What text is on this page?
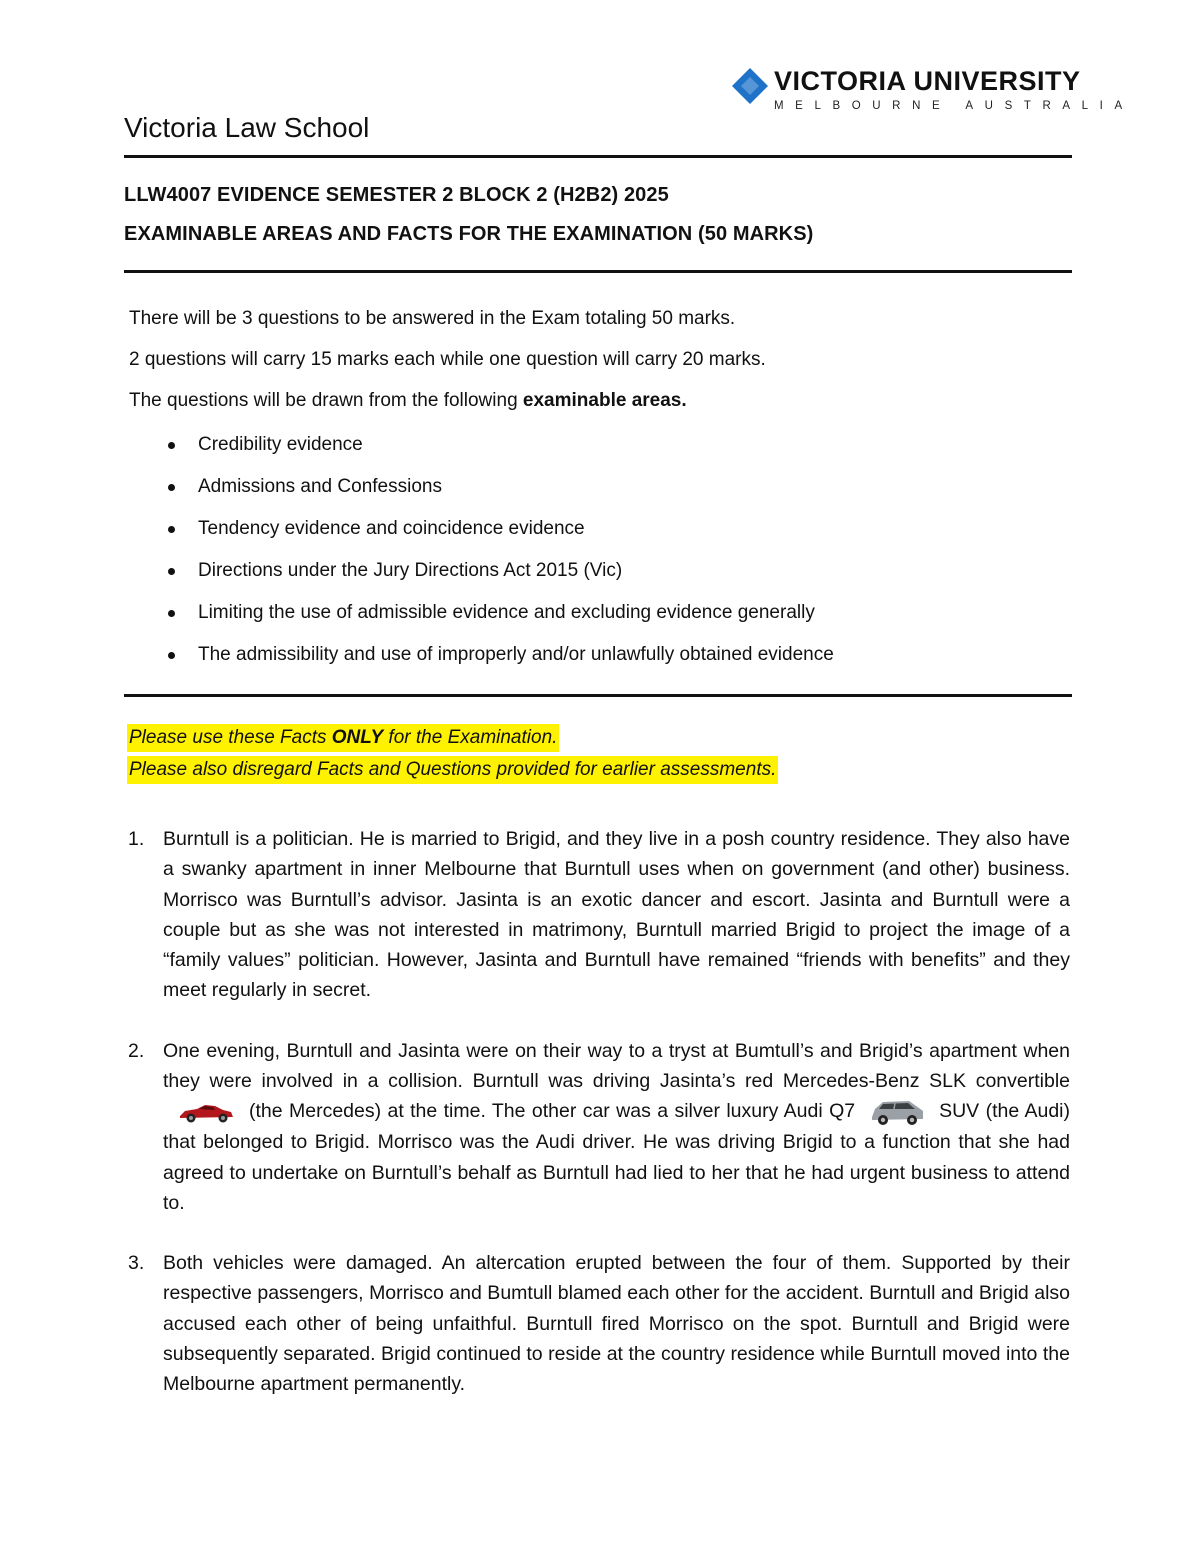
VICTORIA UNIVERSITY
MELBOURNE AUSTRALIA
Victoria Law School
LLW4007 EVIDENCE SEMESTER 2 BLOCK 2 (H2B2) 2025
EXAMINABLE AREAS AND FACTS FOR THE EXAMINATION (50 MARKS)
There will be 3 questions to be answered in the Exam totaling 50 marks.
2 questions will carry 15 marks each while one question will carry 20 marks.
The questions will be drawn from the following examinable areas.
Credibility evidence
Admissions and Confessions
Tendency evidence and coincidence evidence
Directions under the Jury Directions Act 2015 (Vic)
Limiting the use of admissible evidence and excluding evidence generally
The admissibility and use of improperly and/or unlawfully obtained evidence
Please use these Facts ONLY for the Examination.
Please also disregard Facts and Questions provided for earlier assessments.
1. Burntull is a politician. He is married to Brigid, and they live in a posh country residence. They also have a swanky apartment in inner Melbourne that Burntull uses when on government (and other) business. Morrisco was Burntull’s advisor. Jasinta is an exotic dancer and escort. Jasinta and Burntull were a couple but as she was not interested in matrimony, Burntull married Brigid to project the image of a “family values” politician. However, Jasinta and Burntull have remained “friends with benefits” and they meet regularly in secret.

2. One evening, Burntull and Jasinta were on their way to a tryst at Bumtull’s and Brigid’s apartment when they were involved in a collision. Burntull was driving Jasinta’s red Mercedes-Benz SLK convertible(the Mercedes) at the time. The other car was a silver luxury Audi Q7	SUV (the Audi) that belonged to Brigid. Morrisco was the Audi driver. He was driving Brigid to a function that she had agreed to undertake on Burntull’s behalf as Burntull had lied to her that he had urgent business to attend to.

3. Both vehicles were damaged. An altercation erupted between the four of them. Supported by their respective passengers, Morrisco and Bumtull blamed each other for the accident. Burntull and Brigid also accused each other of being unfaithful. Burntull fired Morrisco on the spot. Burntull and Brigid were subsequently separated. Brigid continued to reside at the country residence while Burntull moved into the Melbourne apartment permanently.
